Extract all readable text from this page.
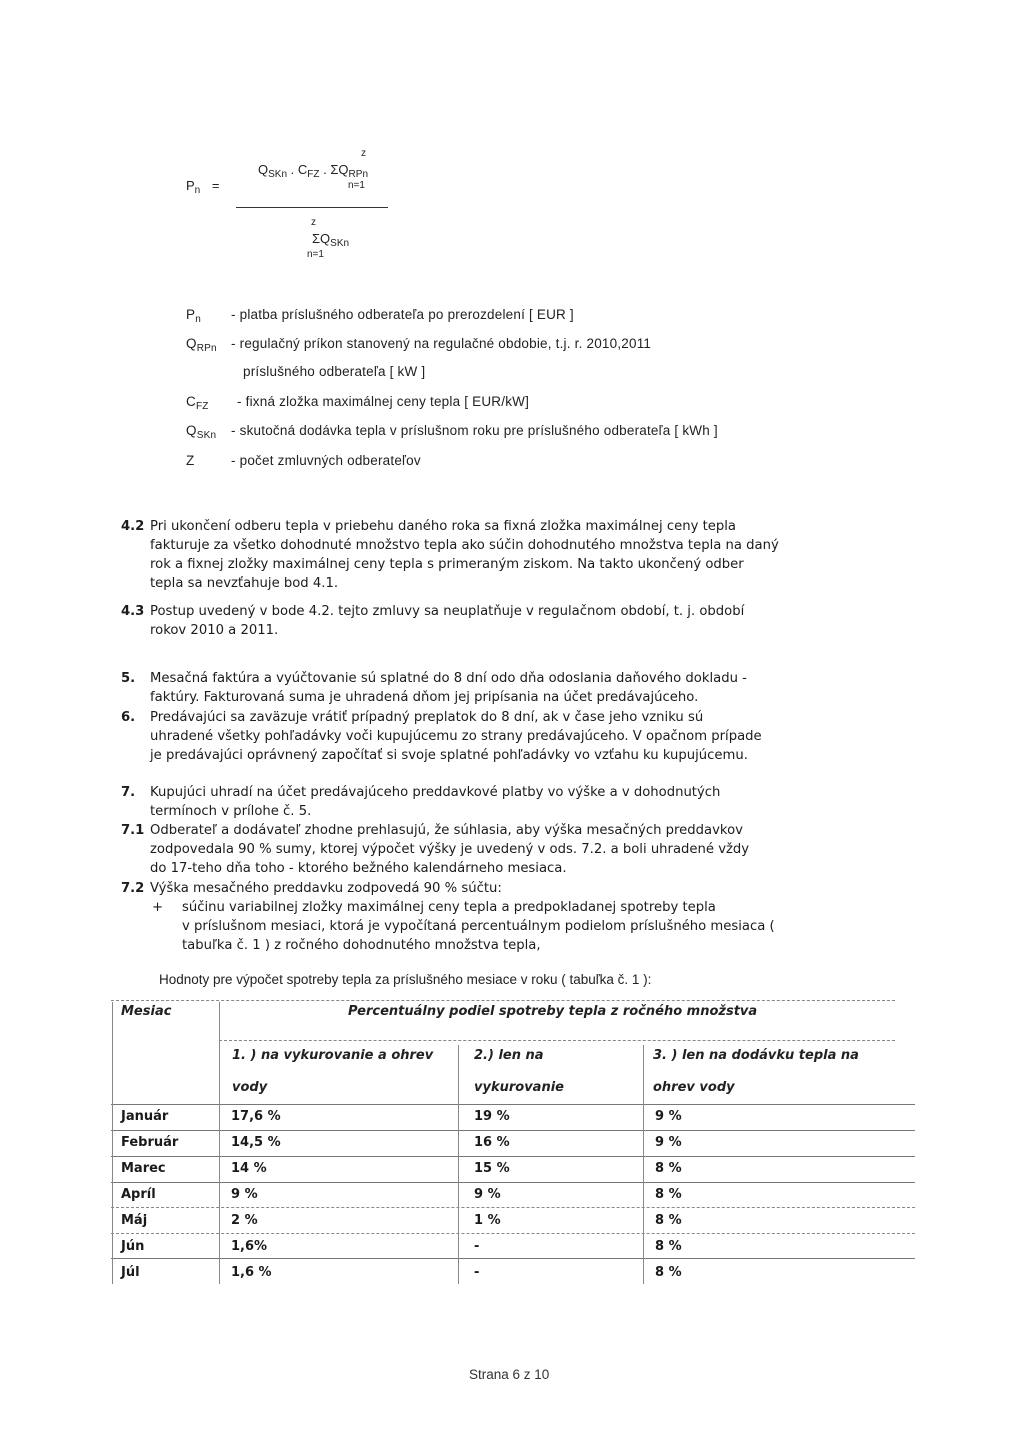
$P_n$ =
z
$Q_{SKn}$ . $C_{FZ}$ . $\Sigma Q_{RPn}$
n=1
z
$\Sigma Q_{SKn}$
n=1
$P_n$ - platba príslušného odberateľa po prerozdelení [ EUR ]
$Q_{RPn}$ - regulačný príkon stanovený na regulačné obdobie, t.j. r. 2010,2011
príslušného odberateľa [ kW ]
$C_{FZ}$ - fixná zložka maximálnej ceny tepla [ EUR/kW]
$Q_{SKn}$ - skutočná dodávka tepla v príslušnom roku pre príslušného odberateľa [ kWh ]
Z	- počet zmluvných odberateľov
4.2 Pri ukončení odberu tepla v priebehu daného roka sa fixná zložka maximálnej ceny tepla
fakturuje za všetko dohodnuté množstvo tepla ako súčin dohodnutého množstva tepla na daný
rok a fixnej zložky maximálnej ceny tepla s primeraným ziskom. Na takto ukončený odber
tepla sa nevzťahuje bod 4.1.
4.3 Postup uvedený v bode 4.2. tejto zmluvy sa neuplatňuje v regulačnom období, t. j. období
rokov 2010 a 2011.
5. Mesačná faktúra a vyúčtovanie sú splatné do 8 dní odo dňa odoslania daňového dokladu -
faktúry. Fakturovaná suma je uhradená dňom jej pripísania na účet predávajúceho.
6. Predávajúci sa zaväzuje vrátiť prípadný preplatok do 8 dní, ak v čase jeho vzniku sú
uhradené všetky pohľadávky voči kupujúcemu zo strany predávajúceho. V opačnom prípade
je predávajúci oprávnený započítať si svoje splatné pohľadávky vo vzťahu ku kupujúcemu.
7. Kupujúci uhradí na účet predávajúceho preddavkové platby vo výške a v dohodnutých
termínoch v prílohe č. 5.
7.1 Odberateľ a dodávateľ zhodne prehlasujú, že súhlasia, aby výška mesačných preddavkov
zodpovedala 90 % sumy, ktorej výpočet výšky je uvedený v ods. 7.2. a boli uhradené vždy
do 17-teho dňa toho - ktorého bežného kalendárneho mesiaca.
7.2 Výška mesačného preddavku zodpovedá 90 % súčtu:
+ súčinu variabilnej zložky maximálnej ceny tepla a predpokladanej spotreby tepla
v príslušnom mesiaci, ktorá je vypočítaná percentuálnym podielom príslušného mesiaca (
tabuľka č. 1 ) z ročného dohodnutého množstva tepla,
Hodnoty pre výpočet spotreby tepla za príslušného mesiace v roku ( tabuľka č. 1 ):
Mesiac	Percentuálny podiel spotreby tepla z ročného množstva
1. ) na vykurovanie a ohrev
vody
2.) len na
vykurovanie
3. ) len na dodávku tepla na
ohrev vody
Január	17,6 %	19 %	9 %
Február	14,5 %	16 %	9 %
Marec	14 %	15 %	8 %
Apríl	9 %	9 %	8 %
Máj	2 %	1 %	8 %
Jún	1,6%	-	8 %
Júl	1,6 %	-	8 %
Strana 6 z 10
